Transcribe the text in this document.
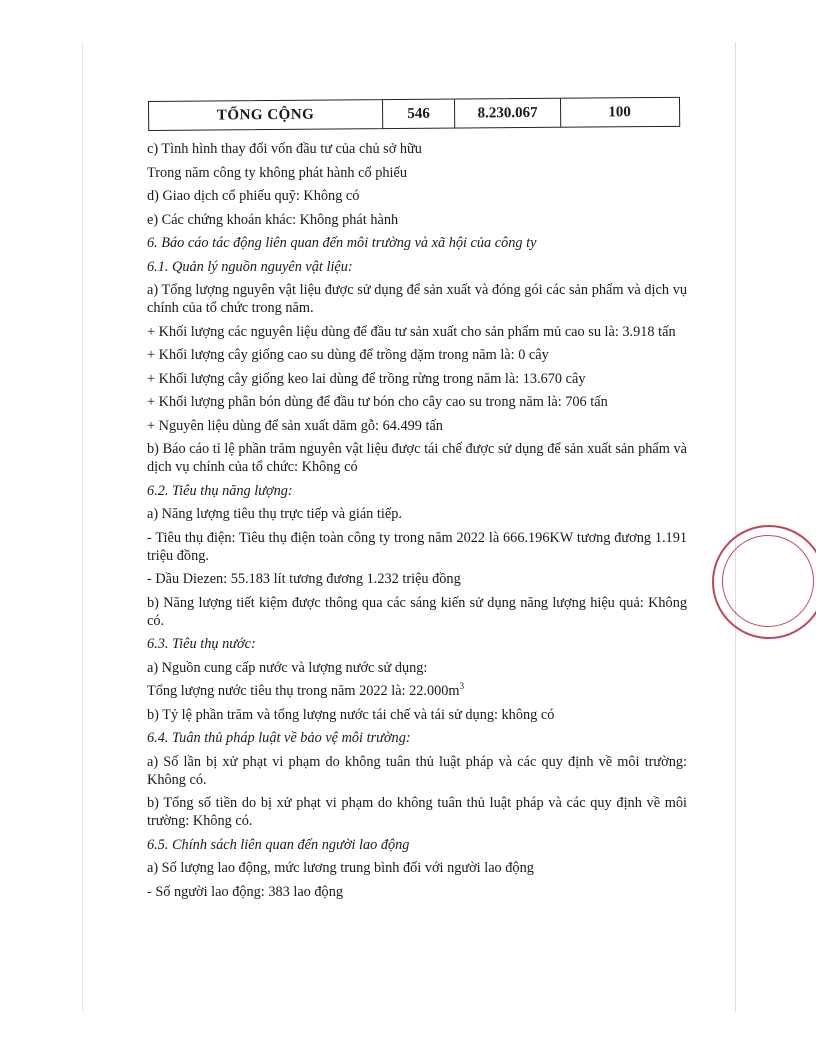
TỔNG CỘNG	546	8.230.067	100

c) Tình hình thay đổi vốn đầu tư của chủ sở hữu

Trong năm công ty không phát hành cổ phiếu

d) Giao dịch cổ phiếu quỹ: Không có

e) Các chứng khoán khác: Không phát hành

6. Báo cáo tác động liên quan đến môi trường và xã hội của công ty

6.1. Quản lý nguồn nguyên vật liệu:

a) Tổng lượng nguyên vật liệu được sử dụng để sản xuất và đóng gói các sản phẩm và dịch vụ chính của tổ chức trong năm.

+ Khối lượng các nguyên liệu dùng để đầu tư sản xuất cho sản phẩm mủ cao su là: 3.918 tấn

+ Khối lượng cây giống cao su dùng để trồng dặm trong năm là: 0 cây

+ Khối lượng cây giống keo lai dùng để trồng rừng trong năm là: 13.670 cây

+ Khối lượng phân bón dùng để đầu tư bón cho cây cao su trong năm là: 706 tấn

+ Nguyên liệu dùng để sản xuất dăm gỗ: 64.499 tấn

b) Báo cáo tỉ lệ phần trăm nguyên vật liệu được tái chế được sử dụng để sản xuất sản phẩm và dịch vụ chính của tổ chức: Không có

6.2. Tiêu thụ năng lượng:

a) Năng lượng tiêu thụ trực tiếp và gián tiếp.

- Tiêu thụ điện: Tiêu thụ điện toàn công ty trong năm 2022 là 666.196KW tương đương 1.191 triệu đồng.

- Dầu Diezen: 55.183 lít tương đương 1.232 triệu đồng

b) Năng lượng tiết kiệm được thông qua các sáng kiến sử dụng năng lượng hiệu quả: Không có.

6.3. Tiêu thụ nước:

a) Nguồn cung cấp nước và lượng nước sử dụng:

Tổng lượng nước tiêu thụ trong năm 2022 là: $22.000m^3$

b) Tỷ lệ phần trăm và tổng lượng nước tái chế và tái sử dụng: không có

6.4. Tuân thủ pháp luật về bảo vệ môi trường:

a) Số lần bị xử phạt vi phạm do không tuân thủ luật pháp và các quy định về môi trường: Không có.

b) Tổng số tiền do bị xử phạt vi phạm do không tuân thủ luật pháp và các quy định về môi trường: Không có.

6.5. Chính sách liên quan đến người lao động

a) Số lượng lao động, mức lương trung bình đối với người lao động

- Số người lao động: 383 lao động
